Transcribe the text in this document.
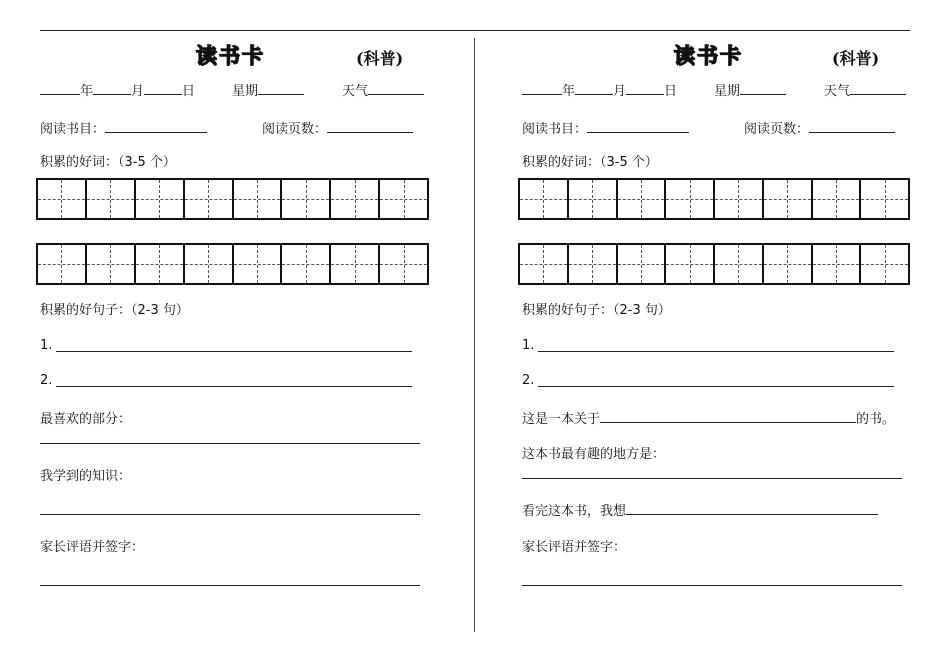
读书卡	(科普)
年	月	日	星期	天气
阅读书目：	阅读页数：
积累的好词：（3-5 个）
积累的好句子：（2-3 句）
1.
2.
最喜欢的部分：
我学到的知识：
家长评语并签字：
读书卡	(科普)
年	月	日	星期	天气
阅读书目：	阅读页数：
积累的好词：（3-5 个）
积累的好句子：（2-3 句）
1.
2.
这是一本关于	的书。
这本书最有趣的地方是：
看完这本书，我想
家长评语并签字：
